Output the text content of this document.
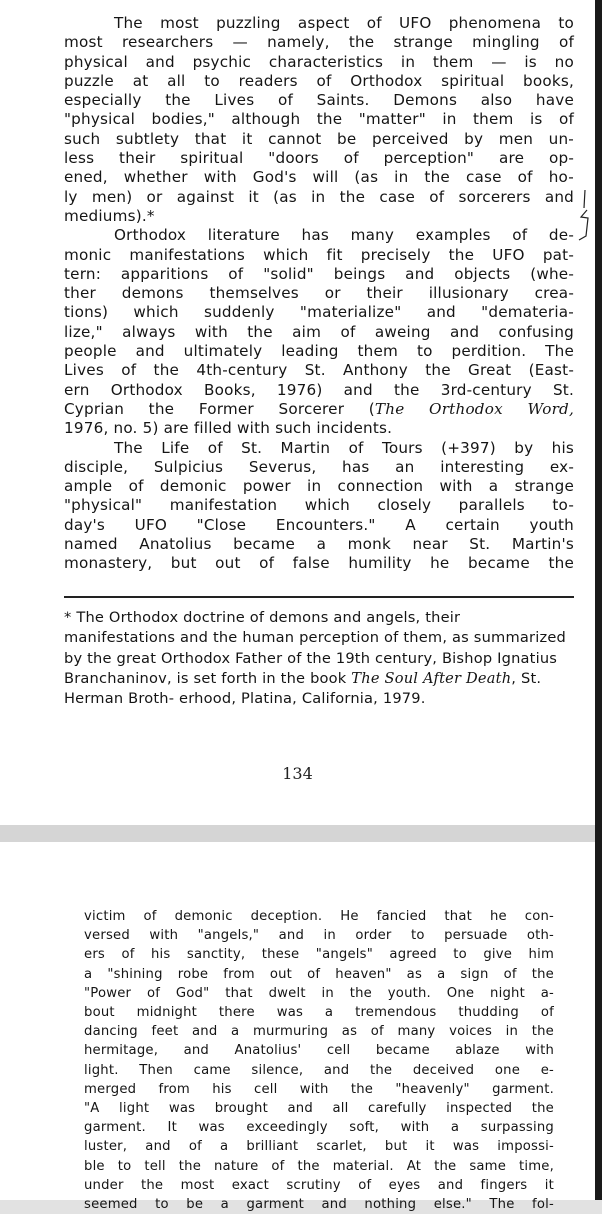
The most puzzling aspect of UFO phenomena to
most researchers — namely, the strange mingling of
physical and psychic characteristics in them — is no
puzzle at all to readers of Orthodox spiritual books,
especially the Lives of Saints. Demons also have
"physical bodies," although the "matter" in them is of
such subtlety that it cannot be perceived by men un-
less their spiritual "doors of perception" are op-
ened, whether with God's will (as in the case of ho-
ly men) or against it (as in the case of sorcerers and
mediums).*
Orthodox literature has many examples of de-
monic manifestations which fit precisely the UFO pat-
tern: apparitions of "solid" beings and objects (whe-
ther demons themselves or their illusionary crea-
tions) which suddenly "materialize" and "demateria-
lize," always with the aim of aweing and confusing
people and ultimately leading them to perdition. The
Lives of the 4th-century St. Anthony the Great (East-
ern Orthodox Books, 1976) and the 3rd-century St.
Cyprian the Former Sorcerer (The Orthodox Word,
1976, no. 5) are filled with such incidents.
The Life of St. Martin of Tours (+397) by his
disciple, Sulpicius Severus, has an interesting ex-
ample of demonic power in connection with a strange
"physical" manifestation which closely parallels to-
day's UFO "Close Encounters." A certain youth
named Anatolius became a monk near St. Martin's
monastery, but out of false humility he became the
* The Orthodox doctrine of demons and angels, their manifestations and the human perception of them, as summarized by the great Orthodox Father of the 19th century, Bishop Ignatius Branchaninov, is set forth in the book The Soul After Death, St. Herman Broth- erhood, Platina, California, 1979.
134
victim of demonic deception. He fancied that he con-
versed with "angels," and in order to persuade oth-
ers of his sanctity, these "angels" agreed to give him
a "shining robe from out of heaven" as a sign of the
"Power of God" that dwelt in the youth. One night a-
bout midnight there was a tremendous thudding of
dancing feet and a murmuring as of many voices in the
hermitage, and Anatolius' cell became ablaze with
light. Then came silence, and the deceived one e-
merged from his cell with the "heavenly" garment.
"A light was brought and all carefully inspected the
garment. It was exceedingly soft, with a surpassing
luster, and of a brilliant scarlet, but it was impossi-
ble to tell the nature of the material. At the same time,
under the most exact scrutiny of eyes and fingers it
seemed to be a garment and nothing else." The fol-
